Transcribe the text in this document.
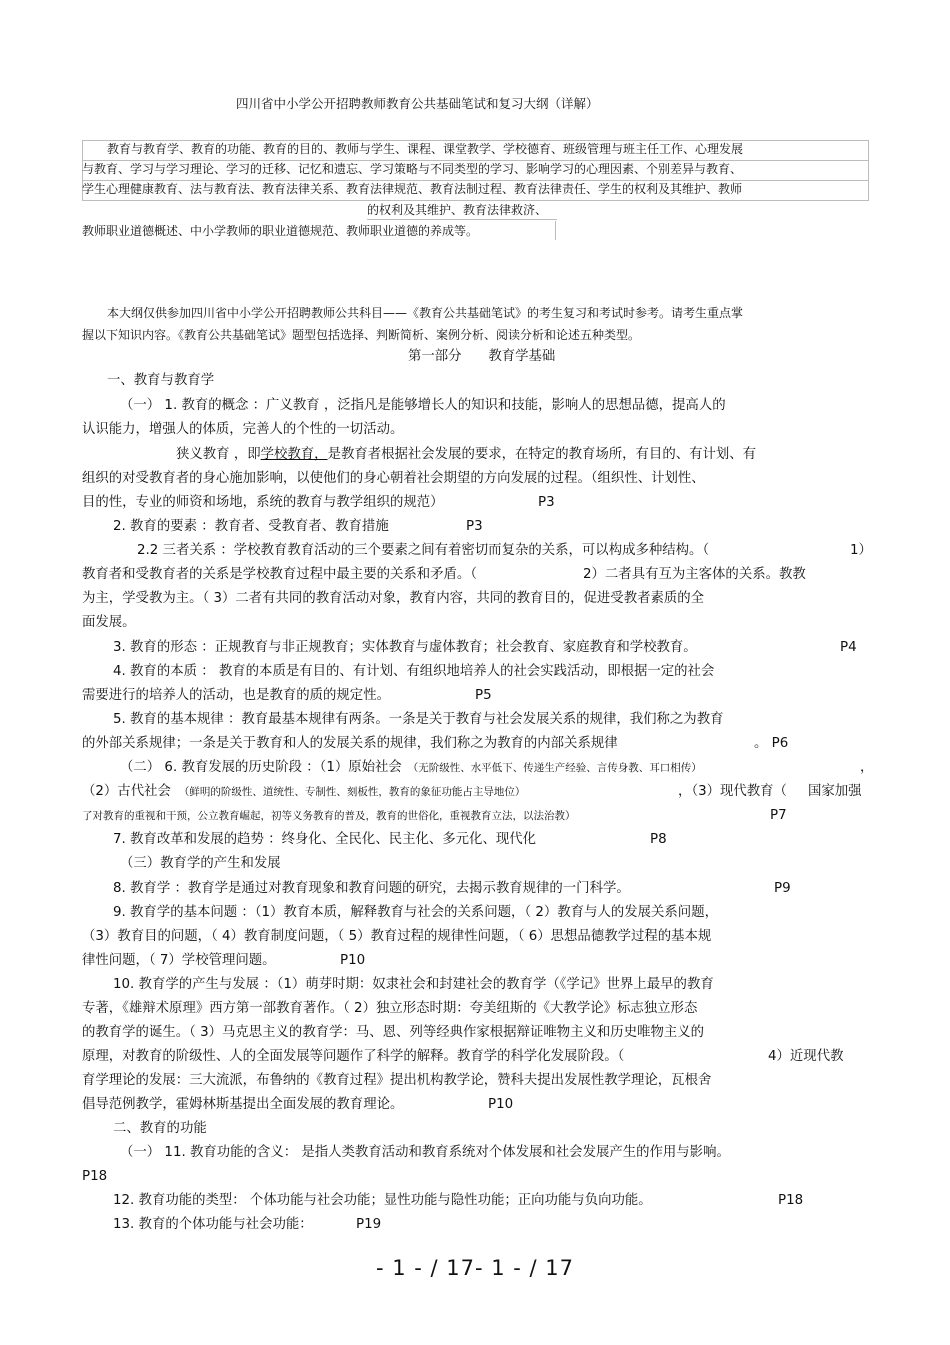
四川省中小学公开招聘教师教育公共基础笔试和复习大纲（详解）
教育与教育学、教育的功能、教育的目的、教师与学生、课程、课堂教学、学校德育、班级管理与班主任工作、心理发展
与教育、学习与学习理论、学习的迁移、记忆和遗忘、学习策略与不同类型的学习、影响学习的心理因素、个别差异与教育、
学生心理健康教育、法与教育法、教育法律关系、教育法律规范、教育法制过程、教育法律责任、学生的权利及其维护、教师
的权利及其维护、教育法律救济、
教师职业道德概述、中小学教师的职业道德规范、教师职业道德的养成等。
本大纲仅供参加四川省中小学公开招聘教师公共科目——《教育公共基础笔试》的考生复习和考试时参考。请考生重点掌
握以下知识内容。《教育公共基础笔试》题型包括选择、判断简析、案例分析、阅读分析和论述五种类型。
第一部分　　教育学基础
一、教育与教育学
（一） 1. 教育的概念 ：广义教育 ，泛指凡是能够增长人的知识和技能，影响人的思想品德，提高人的
认识能力，增强人的体质，完善人的个性的一切活动。
狭义教育 ，即学校教育，是教育者根据社会发展的要求，在特定的教育场所，有目的、有计划、有
组织的对受教育者的身心施加影响，以使他们的身心朝着社会期望的方向发展的过程。（组织性、计划性、
目的性，专业的师资和场地，系统的教育与教学组织的规范）	P3
2. 教育的要素 ：教育者、受教育者、教育措施	P3
2.2 三者关系 ：学校教育教育活动的三个要素之间有着密切而复杂的关系，可以构成多种结构。（	1）
教育者和受教育者的关系是学校教育过程中最主要的关系和矛盾。（	2）二者具有互为主客体的关系。教教
为主，学受教为主。（ 3）二者有共同的教育活动对象，教育内容，共同的教育目的，促进受教者素质的全
面发展。
3. 教育的形态 ：正规教育与非正规教育；实体教育与虚体教育；社会教育、家庭教育和学校教育。	P4
4. 教育的本质 ： 教育的本质是有目的、有计划、有组织地培养人的社会实践活动，即根据一定的社会
需要进行的培养人的活动，也是教育的质的规定性。	P5
5. 教育的基本规律 ：教育最基本规律有两条。一条是关于教育与社会发展关系的规律，我们称之为教育
的外部关系规律；一条是关于教育和人的发展关系的规律，我们称之为教育的内部关系规律	。 P6
（二） 6. 教育发展的历史阶段 ：（1）原始社会 （无阶级性、水平低下、传递生产经验、言传身教、耳口相传）	，
（2）古代社会 （鲜明的阶级性、道统性、专制性、刻板性，教育的象征功能占主导地位）	，（3）现代教育（ 国家加强
了对教育的重视和干预，公立教育崛起，初等义务教育的普及，教育的世俗化，重视教育立法，以法治教）	P7
7. 教育改革和发展的趋势 ：终身化、全民化、民主化、多元化、现代化	P8
（三）教育学的产生和发展
8. 教育学 ：教育学是通过对教育现象和教育问题的研究，去揭示教育规律的一门科学。	P9
9. 教育学的基本问题 ：（1）教育本质，解释教育与社会的关系问题，（ 2）教育与人的发展关系问题，
（3）教育目的问题，（ 4）教育制度问题，（ 5）教育过程的规律性问题，（ 6）思想品德教学过程的基本规
律性问题，（ 7）学校管理问题。	P10
10. 教育学的产生与发展 ：（1）萌芽时期：奴隶社会和封建社会的教育学（《学记》世界上最早的教育
专著，《雄辩术原理》西方第一部教育著作。（ 2）独立形态时期：夸美纽斯的《大教学论》标志独立形态
的教育学的诞生。（ 3）马克思主义的教育学：马、恩、列等经典作家根据辩证唯物主义和历史唯物主义的
原理，对教育的阶级性、人的全面发展等问题作了科学的解释。教育学的科学化发展阶段。（	4）近现代教
育学理论的发展：三大流派，布鲁纳的《教育过程》提出机构教学论，赞科夫提出发展性教学理论，瓦根舍
倡导范例教学，霍姆林斯基提出全面发展的教育理论。	P10
二、教育的功能
（一） 11. 教育功能的含义： 是指人类教育活动和教育系统对个体发展和社会发展产生的作用与影响。
P18
12. 教育功能的类型： 个体功能与社会功能；显性功能与隐性功能；正向功能与负向功能。	P18
13. 教育的个体功能与社会功能：	P19
- 1 - / 17- 1 - / 17
